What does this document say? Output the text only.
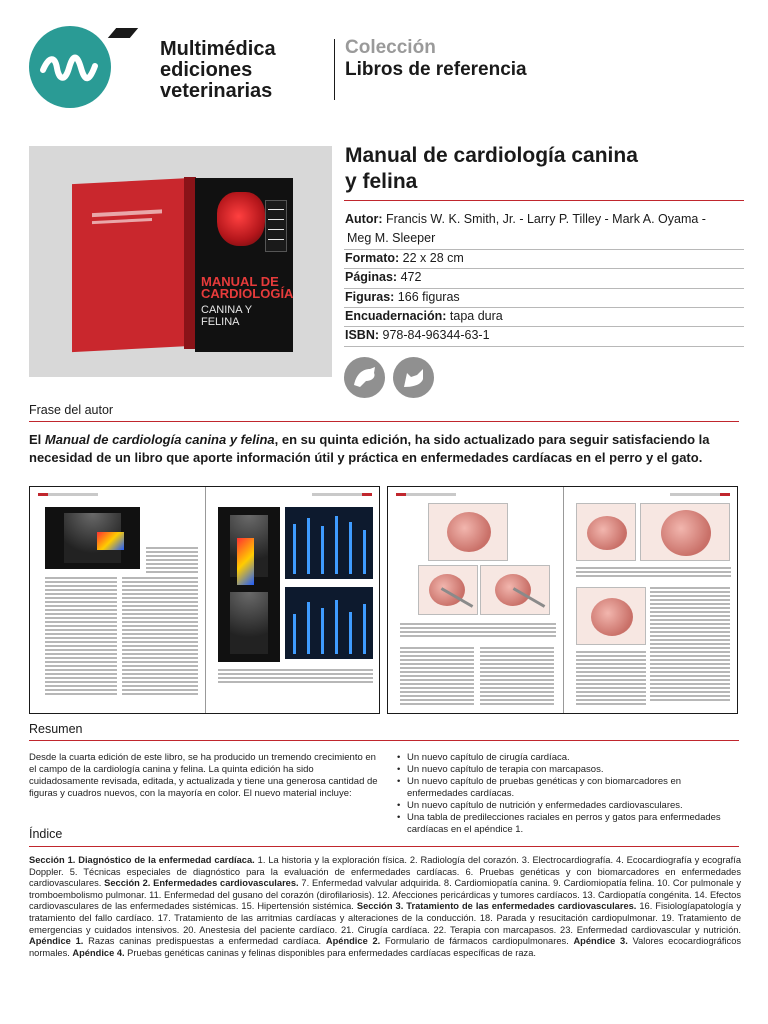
Multimédica
ediciones
veterinarias
Colección
Libros de referencia
MANUAL DE
CARDIOLOGÍA
CANINA Y FELINA
Manual de cardiología canina
y felina
Autor: Francis W. K. Smith, Jr. - Larry P. Tilley - Mark A. Oyama -
Meg M. Sleeper
Formato: 22 x 28 cm
Páginas: 472
Figuras: 166 figuras
Encuadernación: tapa dura
ISBN: 978-84-96344-63-1
Frase del autor
El Manual de cardiología canina y felina, en su quinta edición, ha sido actualizado para seguir satisfaciendo la necesidad de un libro que aporte información útil y práctica en enfermedades cardíacas en el perro y el gato.
Resumen
Desde la cuarta edición de este libro, se ha producido un tremendo crecimiento en el campo de la cardiología canina y felina. La quinta edición ha sido cuidadosamente revisada, editada, y actualizada y tiene una generosa cantidad de figuras y cuadros nuevos, con la mayoría en color. El nuevo material incluye:
• Un nuevo capítulo de cirugía cardíaca.
• Un nuevo capítulo de terapia con marcapasos.
• Un nuevo capítulo de pruebas genéticas y con biomarcadores en enfermedades cardíacas.
• Un nuevo capítulo de nutrición y enfermedades cardiovasculares.
• Una tabla de predilecciones raciales en perros y gatos para enfermedades cardíacas en el apéndice 1.
Índice
Sección 1. Diagnóstico de la enfermedad cardíaca. 1. La historia y la exploración física. 2. Radiología del corazón. 3. Electrocardiografía. 4. Ecocardiografía y ecografía Doppler. 5. Técnicas especiales de diagnóstico para la evaluación de enfermedades cardíacas. 6. Pruebas genéticas y con biomarcadores en enfermedades cardiovasculares. Sección 2. Enfermedades cardiovasculares. 7. Enfermedad valvular adquirida. 8. Cardiomiopatía canina. 9. Cardiomiopatía felina. 10. Cor pulmonale y tromboembolismo pulmonar. 11. Enfermedad del gusano del corazón (dirofilariosis). 12. Afecciones pericárdicas y tumores cardíacos. 13. Cardiopatía congénita. 14. Efectos cardiovasculares de las enfermedades sistémicas. 15. Hipertensión sistémica. Sección 3. Tratamiento de las enfermedades cardiovasculares. 16. Fisiologíapatología y tratamiento del fallo cardíaco. 17. Tratamiento de las arritmias cardíacas y alteraciones de la conducción. 18. Parada y resucitación cardiopulmonar. 19. Tratamiento de emergencias y cuidados intensivos. 20. Anestesia del paciente cardíaco. 21. Cirugía cardíaca. 22. Terapia con marcapasos. 23. Enfermedad cardiovascular y nutrición. Apéndice 1. Razas caninas predispuestas a enfermedad cardíaca. Apéndice 2. Formulario de fármacos cardiopulmonares. Apéndice 3. Valores ecocardiográficos normales. Apéndice 4. Pruebas genéticas caninas y felinas disponibles para enfermedades cardíacas específicas de raza.
